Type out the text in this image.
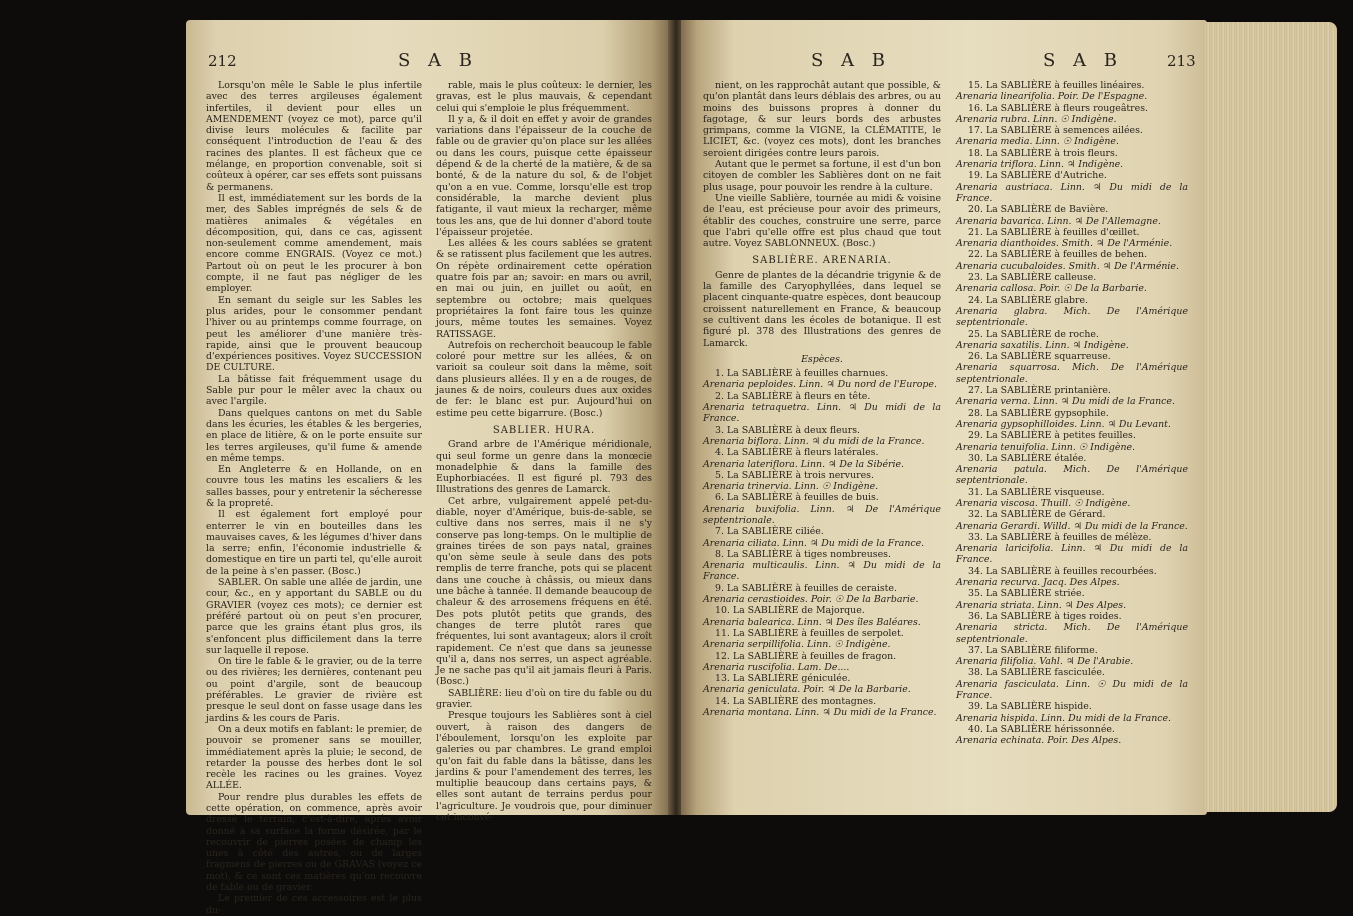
212	S A B

Lorsqu'on mêle le Sable le plus infertile avec des terres argileuses également infertiles, il devient pour elles un AMENDEMENT (voyez ce mot), parce qu'il divise leurs molécules & facilite par conséquent l'introduction de l'eau & des racines des plantes. Il est fâcheux que ce mélange, en proportion convenable, soit si coûteux à opérer, car ses effets sont puissans & permanens.

Il est, immédiatement sur les bords de la mer, des Sables imprégnés de sels & de matières animales & végétales en décomposition, qui, dans ce cas, agissent non-seulement comme amendement, mais encore comme ENGRAIS. (Voyez ce mot.) Partout où on peut le les procurer à bon compte, il ne faut pas négliger de les employer.

En semant du seigle sur les Sables les plus arides, pour le consommer pendant l'hiver ou au printemps comme fourrage, on peut les améliorer d'une manière très-rapide, ainsi que le prouvent beaucoup d'expériences positives. Voyez SUCCESSION DE CULTURE.

La bâtisse fait fréquemment usage du Sable pur pour le mêler avec la chaux ou avec l'argile.

Dans quelques cantons on met du Sable dans les écuries, les étables & les bergeries, en place de litière, & on le porte ensuite sur les terres argileuses, qu'il fume & amende en même temps.

En Angleterre & en Hollande, on en couvre tous les matins les escaliers & les salles basses, pour y entretenir la sécheresse & la propreté.

Il est également fort employé pour enterrer le vin en bouteilles dans les mauvaises caves, & les légumes d'hiver dans la serre; enfin, l'économie industrielle & domestique en tire un parti tel, qu'elle auroit de la peine à s'en passer. (Bosc.)

SABLER. On sable une allée de jardin, une cour, &c., en y apportant du SABLE ou du GRAVIER (voyez ces mots); ce dernier est préféré partout où on peut s'en procurer, parce que les grains étant plus gros, ils s'enfoncent plus difficilement dans la terre sur laquelle il repose.

On tire le fable & le gravier, ou de la terre ou des rivières; les dernières, contenant peu ou point d'argile, sont de beaucoup préférables. Le gravier de rivière est presque le seul dont on fasse usage dans les jardins & les cours de Paris.

On a deux motifs en fablant: le premier, de pouvoir se promener sans se mouiller, immédiatement après la pluie; le second, de retarder la pousse des herbes dont le sol recèle les racines ou les graines. Voyez ALLÉE.

Pour rendre plus durables les effets de cette opération, on commence, après avoir dressé le terrain, c'est-à-dire, après avoir donné à sa surface la forme désirée, par le recouvrir de pierres posées de champ les unes à côté des autres, ou de larges fragmens de pierres ou de GRAVAS (voyez ce mot), & ce sont ces matières qu'on recouvre de fable ou de gravier.

Le premier de ces accessoires est le plus du-

rable, mais le plus coûteux: le dernier, les gravas, est le plus mauvais, & cependant celui qui s'emploie le plus fréquemment.

Il y a, & il doit en effet y avoir de grandes variations dans l'épaisseur de la couche de fable ou de gravier qu'on place sur les allées ou dans les cours, puisque cette épaisseur dépend & de la cherté de la matière, & de sa bonté, & de la nature du sol, & de l'objet qu'on a en vue. Comme, lorsqu'elle est trop considérable, la marche devient plus fatigante, il vaut mieux la recharger, même tous les ans, que de lui donner d'abord toute l'épaisseur projetée.

Les allées & les cours sablées se gratent & se ratissent plus facilement que les autres. On répète ordinairement cette opération quatre fois par an; savoir: en mars ou avril, en mai ou juin, en juillet ou août, en septembre ou octobre; mais quelques propriétaires la font faire tous les quinze jours, même toutes les semaines. Voyez RATISSAGE.

Autrefois on recherchoit beaucoup le fable coloré pour mettre sur les allées, & on varioit sa couleur soit dans la même, soit dans plusieurs allées. Il y en a de rouges, de jaunes & de noirs, couleurs dues aux oxides de fer: le blanc est pur. Aujourd'hui on estime peu cette bigarrure. (Bosc.)

SABLIER. HURA.

Grand arbre de l'Amérique méridionale, qui seul forme un genre dans la monœcie monadelphie & dans la famille des Euphorbiacées. Il est figuré pl. 793 des Illustrations des genres de Lamarck.

Cet arbre, vulgairement appelé pet-du-diable, noyer d'Amérique, buis-de-sable, se cultive dans nos serres, mais il ne s'y conserve pas long-temps. On le multiplie de graines tirées de son pays natal, graines qu'on sème seule à seule dans des pots remplis de terre franche, pots qui se placent dans une couche à châssis, ou mieux dans une bâche à tannée. Il demande beaucoup de chaleur & des arrosemens fréquens en été. Des pots plutôt petits que grands, des changes de terre plutôt rares que fréquentes, lui sont avantageux; alors il croît rapidement. Ce n'est que dans sa jeunesse qu'il a, dans nos serres, un aspect agréable. Je ne sache pas qu'il ait jamais fleuri à Paris. (Bosc.)

SABLIÈRE: lieu d'où on tire du fable ou du gravier.

Presque toujours les Sablières sont à ciel ouvert, à raison des dangers de l'éboulement, lorsqu'on les exploite par galeries ou par chambres. Le grand emploi qu'on fait du fable dans la bâtisse, dans les jardins & pour l'amendement des terres, les multiplie beaucoup dans certains pays, & elles sont autant de terrains perdus pour l'agriculture. Je voudrois que, pour diminuer cet inconvé-

S A B	S A B	213

nient, on les rapprochât autant que possible, & qu'on plantât dans leurs déblais des arbres, ou au moins des buissons propres à donner du fagotage, & sur leurs bords des arbustes grimpans, comme la VIGNE, la CLÉMATITE, le LICIET, &c. (voyez ces mots), dont les branches seroient dirigées contre leurs parois.

Autant que le permet sa fortune, il est d'un bon citoyen de combler les Sablières dont on ne fait plus usage, pour pouvoir les rendre à la culture.

Une vieille Sablière, tournée au midi & voisine de l'eau, est précieuse pour avoir des primeurs, établir des couches, construire une serre, parce que l'abri qu'elle offre est plus chaud que tout autre. Voyez SABLONNEUX. (Bosc.)

SABLIÈRE. ARENARIA.

Genre de plantes de la décandrie trigynie & de la famille des Caryophyllées, dans lequel se placent cinquante-quatre espèces, dont beaucoup croissent naturellement en France, & beaucoup se cultivent dans les écoles de botanique. Il est figuré pl. 378 des Illustrations des genres de Lamarck.

Espèces.

1. La SABLIÈRE à feuilles charnues.

Arenaria peploides. Linn. ♃ Du nord de l'Europe.

2. La SABLIÈRE à fleurs en tête.

Arenaria tetraquetra. Linn. ♃ Du midi de la France.

3. La SABLIÈRE à deux fleurs.

Arenaria biflora. Linn. ♃ du midi de la France.

4. La SABLIÈRE à fleurs latérales.

Arenaria lateriflora. Linn. ♃ De la Sibérie.

5. La SABLIÈRE à trois nervures.

Arenaria trinervia. Linn. ☉ Indigène.

6. La SABLIÈRE à feuilles de buis.

Arenaria buxifolia. Linn. ♃ De l'Amérique septentrionale.

7. La SABLIÈRE ciliée.

Arenaria ciliata. Linn. ♃ Du midi de la France.

8. La SABLIÈRE à tiges nombreuses.

Arenaria multicaulis. Linn. ♃ Du midi de la France.

9. La SABLIÈRE à feuilles de ceraiste.

Arenaria cerastioides. Poir. ☉ De la Barbarie.

10. La SABLIÈRE de Majorque.

Arenaria balearica. Linn. ♃ Des îles Baléares.

11. La SABLIÈRE à feuilles de serpolet.

Arenaria serpillifolia. Linn. ☉ Indigène.

12. La SABLIÈRE à feuilles de fragon.

Arenaria ruscifolia. Lam. De....

13. La SABLIÈRE géniculée.

Arenaria geniculata. Poir. ♃ De la Barbarie.

14. La SABLIÈRE des montagnes.

Arenaria montana. Linn. ♃ Du midi de la France.

15. La SABLIÈRE à feuilles linéaires.

Arenaria linearifolia. Poir. De l'Espagne.

16. La SABLIÈRE à fleurs rougeâtres.

Arenaria rubra. Linn. ☉ Indigène.

17. La SABLIÈRE à semences ailées.

Arenaria media. Linn. ☉ Indigène.

18. La SABLIÈRE à trois fleurs.

Arenaria triflora. Linn. ♃ Indigène.

19. La SABLIÈRE d'Autriche.

Arenaria austriaca. Linn. ♃ Du midi de la France.

20. La SABLIÈRE de Bavière.

Arenaria bavarica. Linn. ♃ De l'Allemagne.

21. La SABLIÈRE à feuilles d'œillet.

Arenaria dianthoides. Smith. ♃ De l'Arménie.

22. La SABLIÈRE à feuilles de behen.

Arenaria cucubaloides. Smith. ♃ De l'Arménie.

23. La SABLIÈRE calleuse.

Arenaria callosa. Poir. ☉ De la Barbarie.

24. La SABLIÈRE glabre.

Arenaria glabra. Mich. De l'Amérique septentrionale.

25. La SABLIÈRE de roche.

Arenaria saxatilis. Linn. ♃ Indigène.

26. La SABLIÈRE squarreuse.

Arenaria squarrosa. Mich. De l'Amérique septentrionale.

27. La SABLIÈRE printanière.

Arenaria verna. Linn. ♃ Du midi de la France.

28. La SABLIÈRE gypsophile.

Arenaria gypsophilloides. Linn. ♃ Du Levant.

29. La SABLIÈRE à petites feuilles.

Arenaria tenuifolia. Linn. ☉ Indigène.

30. La SABLIÈRE étalée.

Arenaria patula. Mich. De l'Amérique septentrionale.

31. La SABLIÈRE visqueuse.

Arenaria viscosa. Thuill. ☉ Indigène.

32. La SABLIÈRE de Gérard.

Arenaria Gerardi. Willd. ♃ Du midi de la France.

33. La SABLIÈRE à feuilles de mélèze.

Arenaria laricifolia. Linn. ♃ Du midi de la France.

34. La SABLIÈRE à feuilles recourbées.

Arenaria recurva. Jacq. Des Alpes.

35. La SABLIÈRE striée.

Arenaria striata. Linn. ♃ Des Alpes.

36. La SABLIÈRE à tiges roides.

Arenaria stricta. Mich. De l'Amérique septentrionale.

37. La SABLIÈRE filiforme.

Arenaria filifolia. Vahl. ♃ De l'Arabie.

38. La SABLIÈRE fasciculée.

Arenaria fasciculata. Linn. ☉ Du midi de la France.

39. La SABLIÈRE hispide.

Arenaria hispida. Linn. Du midi de la France.

40. La SABLIÈRE hérissonnée.

Arenaria echinata. Poir. Des Alpes.
